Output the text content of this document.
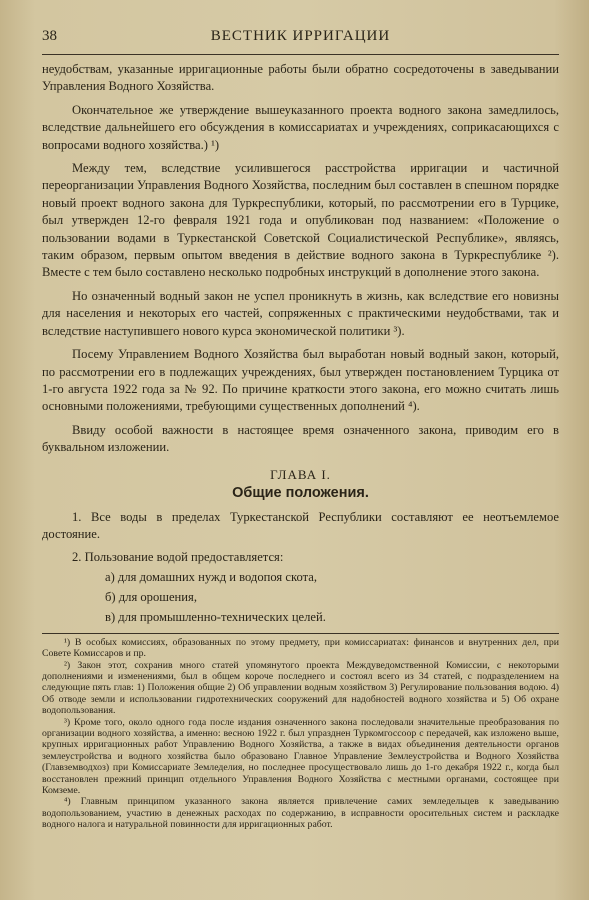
38	ВЕСТНИК ИРРИГАЦИИ

неудобствам, указанные ирригационные работы были обратно сосредоточены в заведывании Управления Водного Хозяйства.

Окончательное же утверждение вышеуказанного проекта водного закона замедлилось, вследствие дальнейшего его обсуждения в комиссариатах и учреждениях, соприкасающихся с вопросами водного хозяйства.) ¹)

Между тем, вследствие усилившегося расстройства ирригации и частичной переорганизации Управления Водного Хозяйства, последним был составлен в спешном порядке новый проект водного закона для Туркреспублики, который, по рассмотрении его в Турцике, был утвержден 12-го февраля 1921 года и опубликован под названием: «Положение о пользовании водами в Туркестанской Советской Социалистической Республике», являясь, таким образом, первым опытом введения в действие водного закона в Туркреспублике ²). Вместе с тем было составлено несколько подробных инструкций в дополнение этого закона.

Но означенный водный закон не успел проникнуть в жизнь, как вследствие его новизны для населения и некоторых его частей, сопряженных с практическими неудобствами, так и вследствие наступившего нового курса экономической политики ³).

Посему Управлением Водного Хозяйства был выработан новый водный закон, который, по рассмотрении его в подлежащих учреждениях, был утвержден постановлением Турцика от 1-го августа 1922 года за № 92. По причине краткости этого закона, его можно считать лишь основными положениями, требующими существенных дополнений ⁴).

Ввиду особой важности в настоящее время означенного закона, приводим его в буквальном изложении.

ГЛАВА I.
Общие положения.

1. Все воды в пределах Туркестанской Республики составляют ее неотъемлемое достояние.

2. Пользование водой предоставляется:

а) для домашних нужд и водопоя скота,
б) для орошения,
в) для промышленно-технических целей.

¹) В особых комиссиях, образованных по этому предмету, при комиссариатах: финансов и внутренних дел, при Совете Комиссаров и пр.

²) Закон этот, сохранив много статей упомянутого проекта Междуведомственной Комиссии, с некоторыми дополнениями и изменениями, был в общем короче последнего и состоял всего из 34 статей, с подразделением на следующие пять глав: 1) Положения общие 2) Об управлении водным хозяйством 3) Регулирование пользования водою. 4) Об отводе земли и использовании гидротехнических сооружений для надобностей водного хозяйства и 5) Об охране водопользования.

³) Кроме того, около одного года после издания означенного закона последовали значительные преобразования по организации водного хозяйства, а именно: весною 1922 г. был упразднен Туркомгоссоор с передачей, как изложено выше, крупных ирригационных работ Управлению Водного Хозяйства, а также в видах объединения деятельности органов землеустройства и водного хозяйства было образовано Главное Управление Землеустройства и Водного Хозяйства (Главземводхоз) при Комиссариате Земледелия, но последнее просуществовало лишь до 1-го декабря 1922 г., когда был восстановлен прежний принцип отдельного Управления Водного Хозяйства с местными органами, состоящее при Комземе.

⁴) Главным принципом указанного закона является привлечение самих земледельцев к заведыванию водопользованием, участию в денежных расходах по содержанию, в исправности оросительных систем и раскладке водного налога и натуральной повинности для ирригационных работ.
